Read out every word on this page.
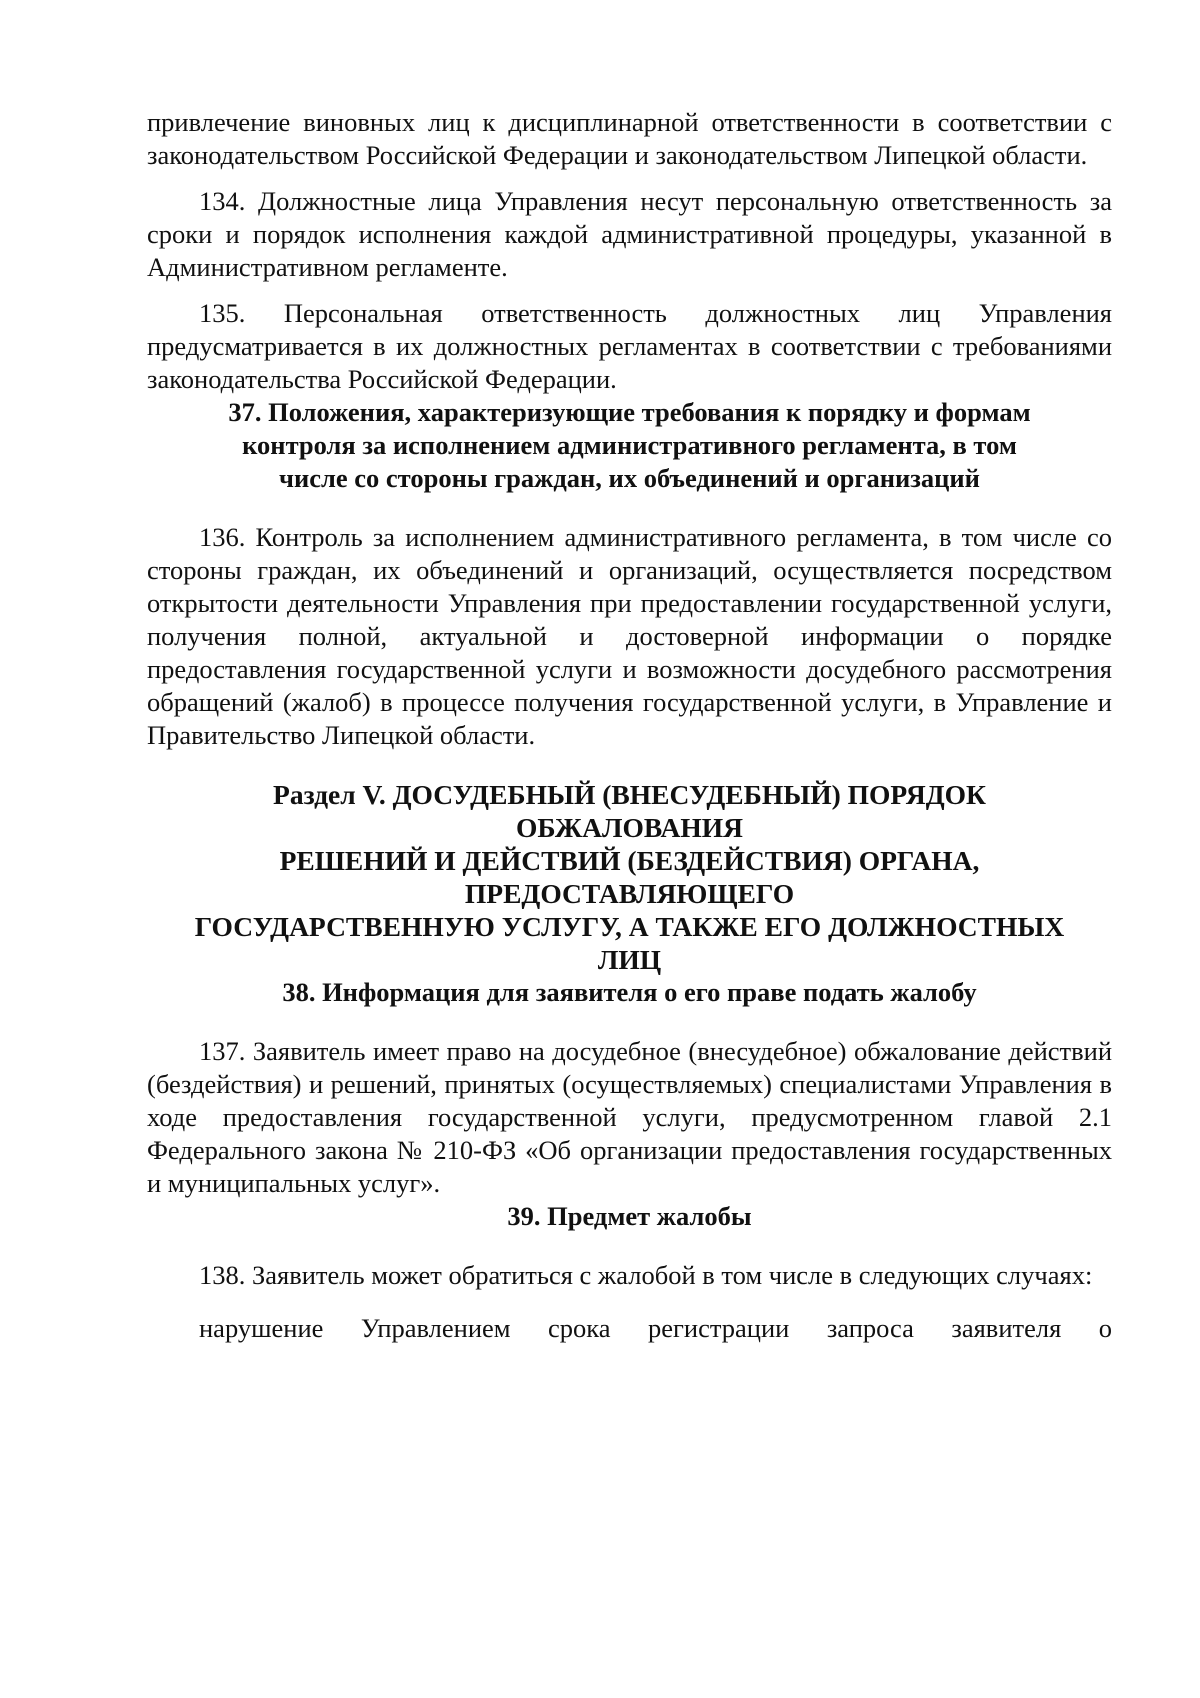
привлечение виновных лиц к дисциплинарной ответственности в соответствии с законодательством Российской Федерации и законодательством Липецкой области.

134. Должностные лица Управления несут персональную ответственность за сроки и порядок исполнения каждой административной процедуры, указанной в Административном регламенте.

135. Персональная ответственность должностных лиц Управления предусматривается в их должностных регламентах в соответствии с требованиями законодательства Российской Федерации.

37. Положения, характеризующие требования к порядку и формам
контроля за исполнением административного регламента, в том
числе со стороны граждан, их объединений и организаций

136. Контроль за исполнением административного регламента, в том числе со стороны граждан, их объединений и организаций, осуществляется посредством открытости деятельности Управления при предоставлении государственной услуги, получения полной, актуальной и достоверной информации о порядке предоставления государственной услуги и возможности досудебного рассмотрения обращений (жалоб) в процессе получения государственной услуги, в Управление и Правительство Липецкой области.

Раздел V. ДОСУДЕБНЫЙ (ВНЕСУДЕБНЫЙ) ПОРЯДОК
ОБЖАЛОВАНИЯ
РЕШЕНИЙ И ДЕЙСТВИЙ (БЕЗДЕЙСТВИЯ) ОРГАНА,
ПРЕДОСТАВЛЯЮЩЕГО
ГОСУДАРСТВЕННУЮ УСЛУГУ, А ТАКЖЕ ЕГО ДОЛЖНОСТНЫХ
ЛИЦ
38. Информация для заявителя о его праве подать жалобу

137. Заявитель имеет право на досудебное (внесудебное) обжалование действий (бездействия) и решений, принятых (осуществляемых) специалистами Управления в ходе предоставления государственной услуги, предусмотренном главой 2.1 Федерального закона № 210-ФЗ «Об организации предоставления государственных и муниципальных услуг».

39. Предмет жалобы

138. Заявитель может обратиться с жалобой в том числе в следующих случаях:

нарушение Управлением срока регистрации запроса заявителя о
